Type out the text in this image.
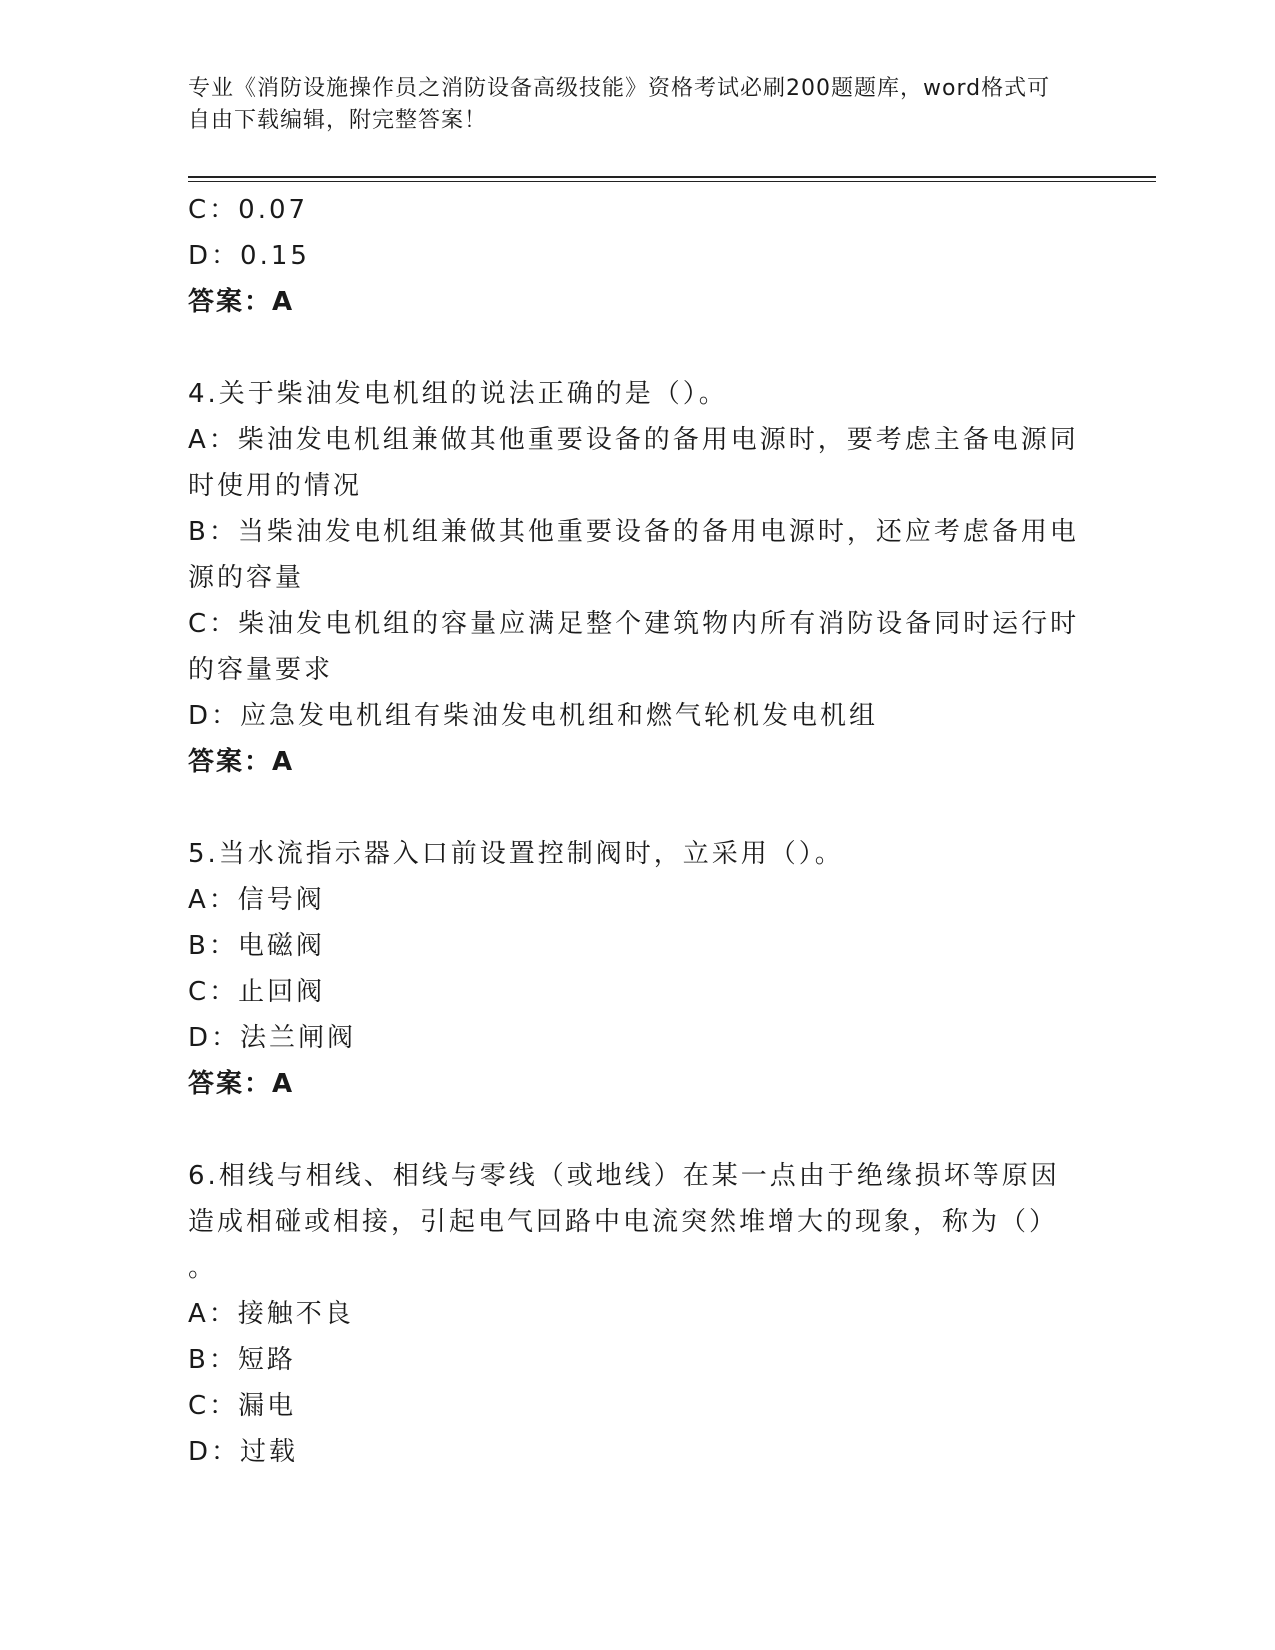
专业《消防设施操作员之消防设备高级技能》资格考试必刷200题题库，word格式可自由下载编辑，附完整答案！
C：0.07
D：0.15
答案：A
4.关于柴油发电机组的说法正确的是（）。
A：柴油发电机组兼做其他重要设备的备用电源时，要考虑主备电源同
时使用的情况
B：当柴油发电机组兼做其他重要设备的备用电源时，还应考虑备用电
源的容量
C：柴油发电机组的容量应满足整个建筑物内所有消防设备同时运行时
的容量要求
D：应急发电机组有柴油发电机组和燃气轮机发电机组
答案：A
5.当水流指示器入口前设置控制阀时，立采用（）。
A：信号阀
B：电磁阀
C：止回阀
D：法兰闸阀
答案：A
6.相线与相线、相线与零线（或地线）在某一点由于绝缘损坏等原因
造成相碰或相接，引起电气回路中电流突然堆增大的现象，称为（）
。
A：接触不良
B：短路
C：漏电
D：过载
